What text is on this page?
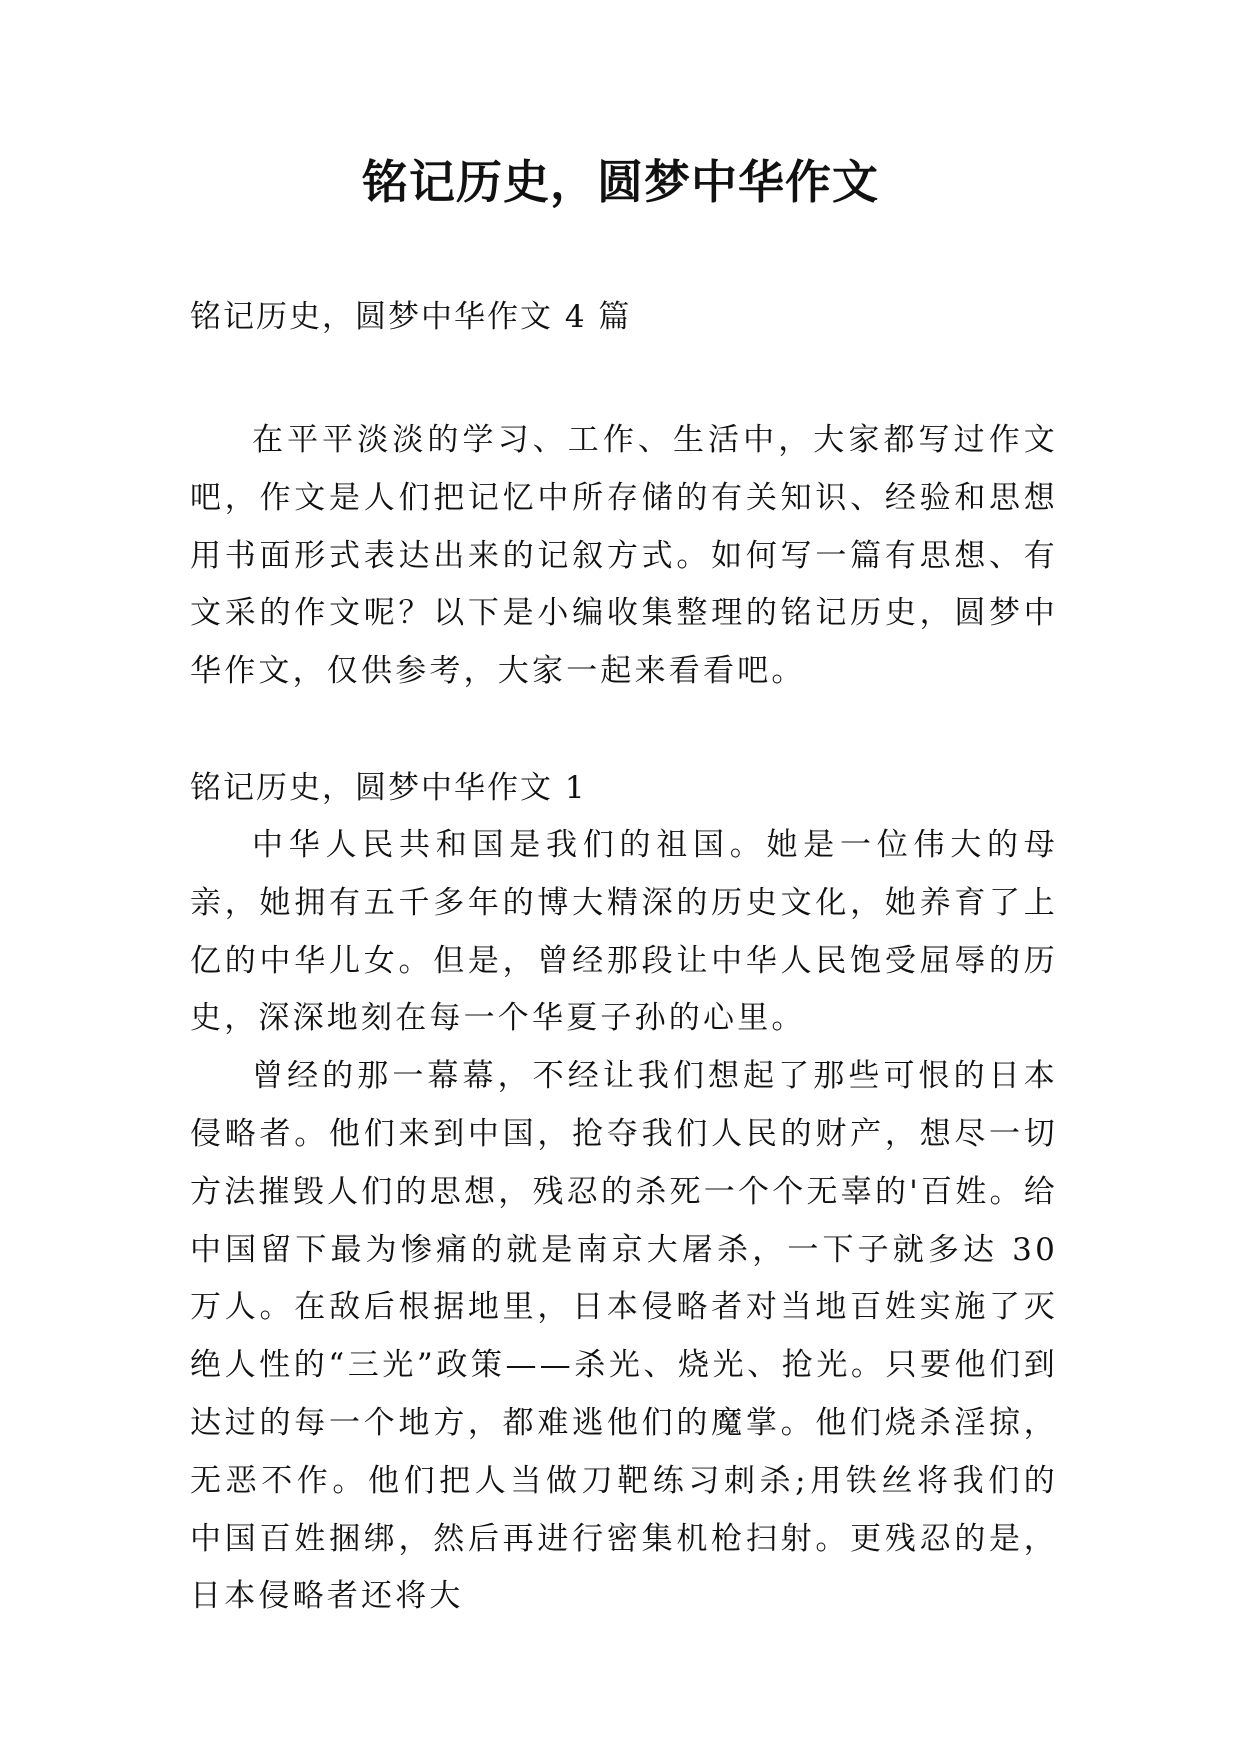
铭记历史，圆梦中华作文

铭记历史，圆梦中华作文 4 篇

在平平淡淡的学习、工作、生活中，大家都写过作文吧，作文是人们把记忆中所存储的有关知识、经验和思想用书面形式表达出来的记叙方式。如何写一篇有思想、有文采的作文呢？以下是小编收集整理的铭记历史，圆梦中华作文，仅供参考，大家一起来看看吧。

铭记历史，圆梦中华作文 1

中华人民共和国是我们的祖国。她是一位伟大的母亲，她拥有五千多年的博大精深的历史文化，她养育了上亿的中华儿女。但是，曾经那段让中华人民饱受屈辱的历史，深深地刻在每一个华夏子孙的心里。

曾经的那一幕幕，不经让我们想起了那些可恨的日本侵略者。他们来到中国，抢夺我们人民的财产，想尽一切方法摧毁人们的思想，残忍的杀死一个个无辜的'百姓。给中国留下最为惨痛的就是南京大屠杀，一下子就多达 30 万人。在敌后根据地里，日本侵略者对当地百姓实施了灭绝人性的“三光”政策——杀光、烧光、抢光。只要他们到达过的每一个地方，都难逃他们的魔掌。他们烧杀淫掠，无恶不作。他们把人当做刀靶练习刺杀;用铁丝将我们的中国百姓捆绑，然后再进行密集机枪扫射。更残忍的是，日本侵略者还将大
